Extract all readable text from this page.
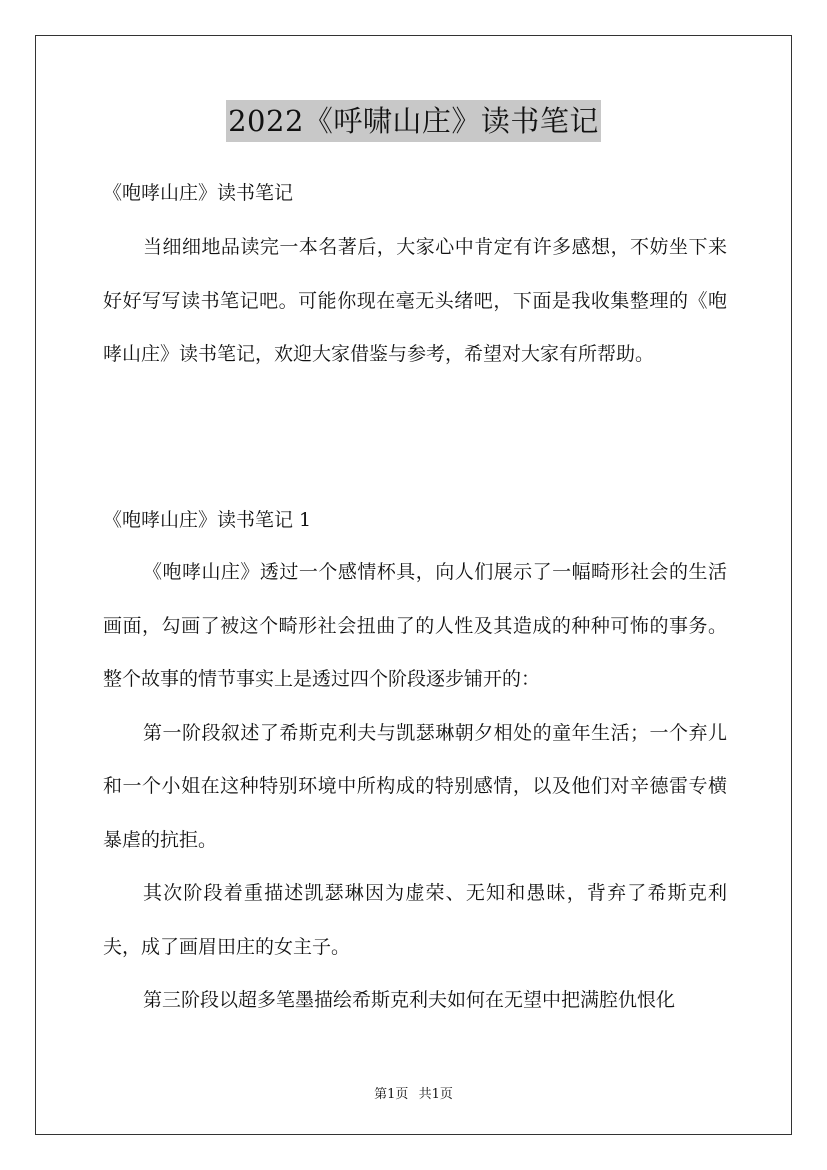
2022《呼啸山庄》读书笔记
《咆哮山庄》读书笔记
当细细地品读完一本名著后，大家心中肯定有许多感想，不妨坐下来好好写写读书笔记吧。可能你现在毫无头绪吧，下面是我收集整理的《咆哮山庄》读书笔记，欢迎大家借鉴与参考，希望对大家有所帮助。
《咆哮山庄》读书笔记 1
《咆哮山庄》透过一个感情杯具，向人们展示了一幅畸形社会的生活画面，勾画了被这个畸形社会扭曲了的人性及其造成的种种可怖的事务。整个故事的情节事实上是透过四个阶段逐步铺开的：
第一阶段叙述了希斯克利夫与凯瑟琳朝夕相处的童年生活；一个弃儿和一个小姐在这种特别环境中所构成的特别感情，以及他们对辛德雷专横暴虐的抗拒。
其次阶段着重描述凯瑟琳因为虚荣、无知和愚昧，背弃了希斯克利夫，成了画眉田庄的女主子。
第三阶段以超多笔墨描绘希斯克利夫如何在无望中把满腔仇恨化
第1页 共1页
